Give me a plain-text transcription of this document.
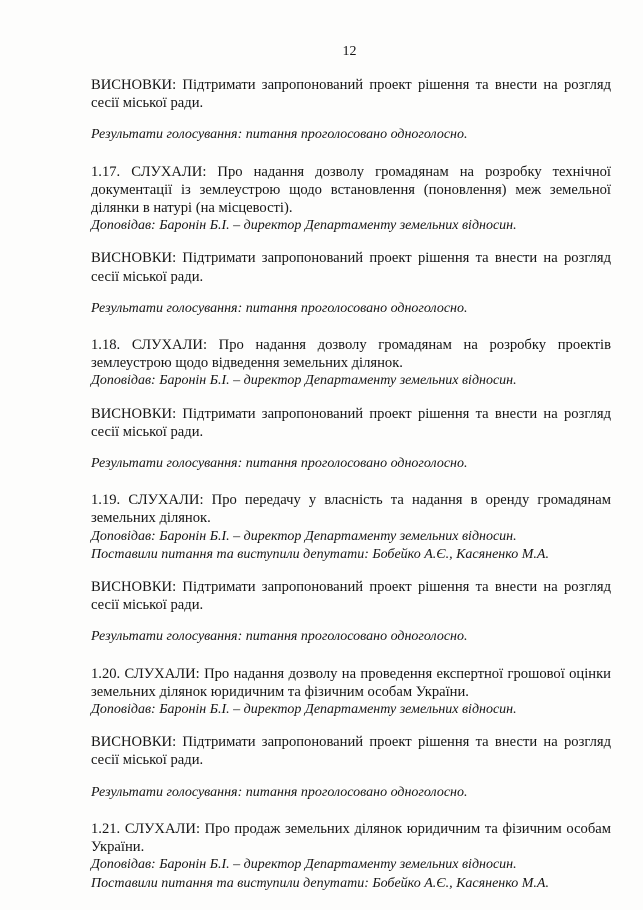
12

ВИСНОВКИ: Підтримати запропонований проект рішення та внести на розгляд сесії міської ради.

Результати голосування: питання проголосовано одноголосно.

1.17. СЛУХАЛИ: Про надання дозволу громадянам на розробку технічної документації із землеустрою щодо встановлення (поновлення) меж земельної ділянки в натурі (на місцевості).

Доповідав: Баронін Б.І. – директор Департаменту земельних відносин.

ВИСНОВКИ: Підтримати запропонований проект рішення та внести на розгляд сесії міської ради.

Результати голосування: питання проголосовано одноголосно.

1.18. СЛУХАЛИ: Про надання дозволу громадянам на розробку проектів землеустрою щодо відведення земельних ділянок.

Доповідав: Баронін Б.І. – директор Департаменту земельних відносин.

ВИСНОВКИ: Підтримати запропонований проект рішення та внести на розгляд сесії міської ради.

Результати голосування: питання проголосовано одноголосно.

1.19. СЛУХАЛИ: Про передачу у власність та надання в оренду громадянам земельних ділянок.

Доповідав: Баронін Б.І. – директор Департаменту земельних відносин.

Поставили питання та виступили депутати: Бобейко А.Є., Касяненко М.А.

ВИСНОВКИ: Підтримати запропонований проект рішення та внести на розгляд сесії міської ради.

Результати голосування: питання проголосовано одноголосно.

1.20. СЛУХАЛИ: Про надання дозволу на проведення експертної грошової оцінки земельних ділянок юридичним та фізичним особам України.

Доповідав: Баронін Б.І. – директор Департаменту земельних відносин.

ВИСНОВКИ: Підтримати запропонований проект рішення та внести на розгляд сесії міської ради.

Результати голосування: питання проголосовано одноголосно.

1.21. СЛУХАЛИ: Про продаж земельних ділянок юридичним та фізичним особам України.

Доповідав: Баронін Б.І. – директор Департаменту земельних відносин.

Поставили питання та виступили депутати: Бобейко А.Є., Касяненко М.А.
